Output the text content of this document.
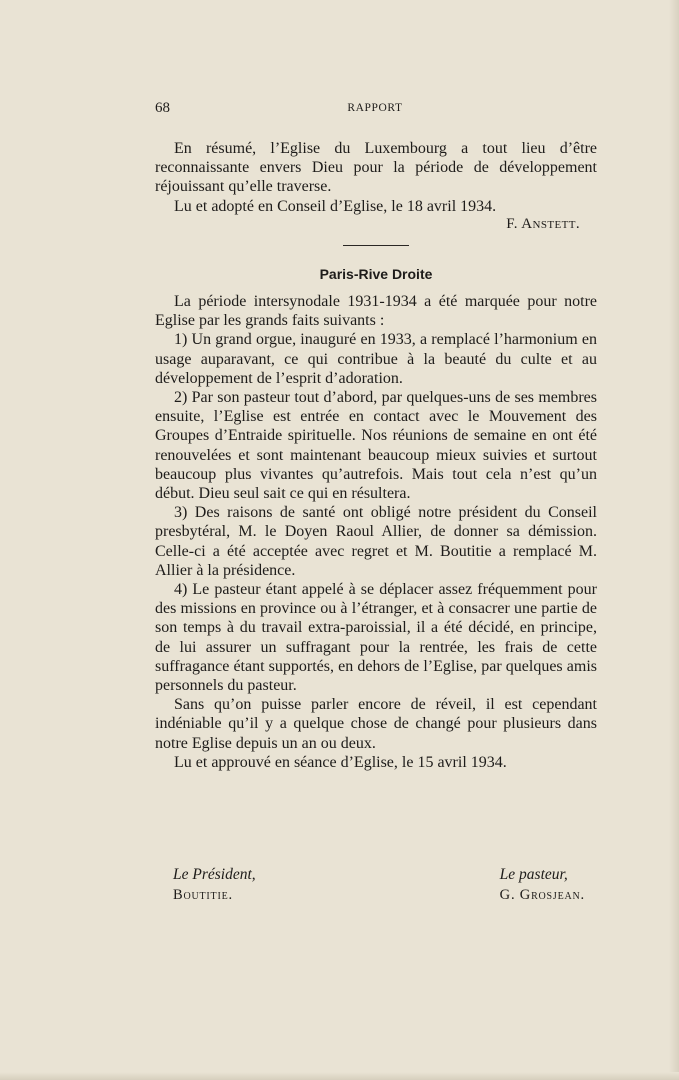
68	RAPPORT

En résumé, l’Eglise du Luxembourg a tout lieu d’être reconnaissante envers Dieu pour la période de développement réjouissant qu’elle traverse.

Lu et adopté en Conseil d’Eglise, le 18 avril 1934.

F. Anstett.
Paris-Rive Droite

La période intersynodale 1931-1934 a été marquée pour notre Eglise par les grands faits suivants :

1) Un grand orgue, inauguré en 1933, a remplacé l’harmonium en usage auparavant, ce qui contribue à la beauté du culte et au développement de l’esprit d’adoration.

2) Par son pasteur tout d’abord, par quelques-uns de ses membres ensuite, l’Eglise est entrée en contact avec le Mouvement des Groupes d’Entraide spirituelle. Nos réunions de semaine en ont été renouvelées et sont maintenant beaucoup mieux suivies et surtout beaucoup plus vivantes qu’autrefois. Mais tout cela n’est qu’un début. Dieu seul sait ce qui en résultera.

3) Des raisons de santé ont obligé notre président du Conseil presbytéral, M. le Doyen Raoul Allier, de donner sa démission. Celle-ci a été acceptée avec regret et M. Boutitie a remplacé M. Allier à la présidence.

4) Le pasteur étant appelé à se déplacer assez fréquemment pour des missions en province ou à l’étranger, et à consacrer une partie de son temps à du travail extra-paroissial, il a été décidé, en principe, de lui assurer un suffragant pour la rentrée, les frais de cette suffragance étant supportés, en dehors de l’Eglise, par quelques amis personnels du pasteur.

Sans qu’on puisse parler encore de réveil, il est cependant indéniable qu’il y a quelque chose de changé pour plusieurs dans notre Eglise depuis un an ou deux.

Lu et approuvé en séance d’Eglise, le 15 avril 1934.

Le Président,
Boutitie.
Le pasteur,
G. Grosjean.
